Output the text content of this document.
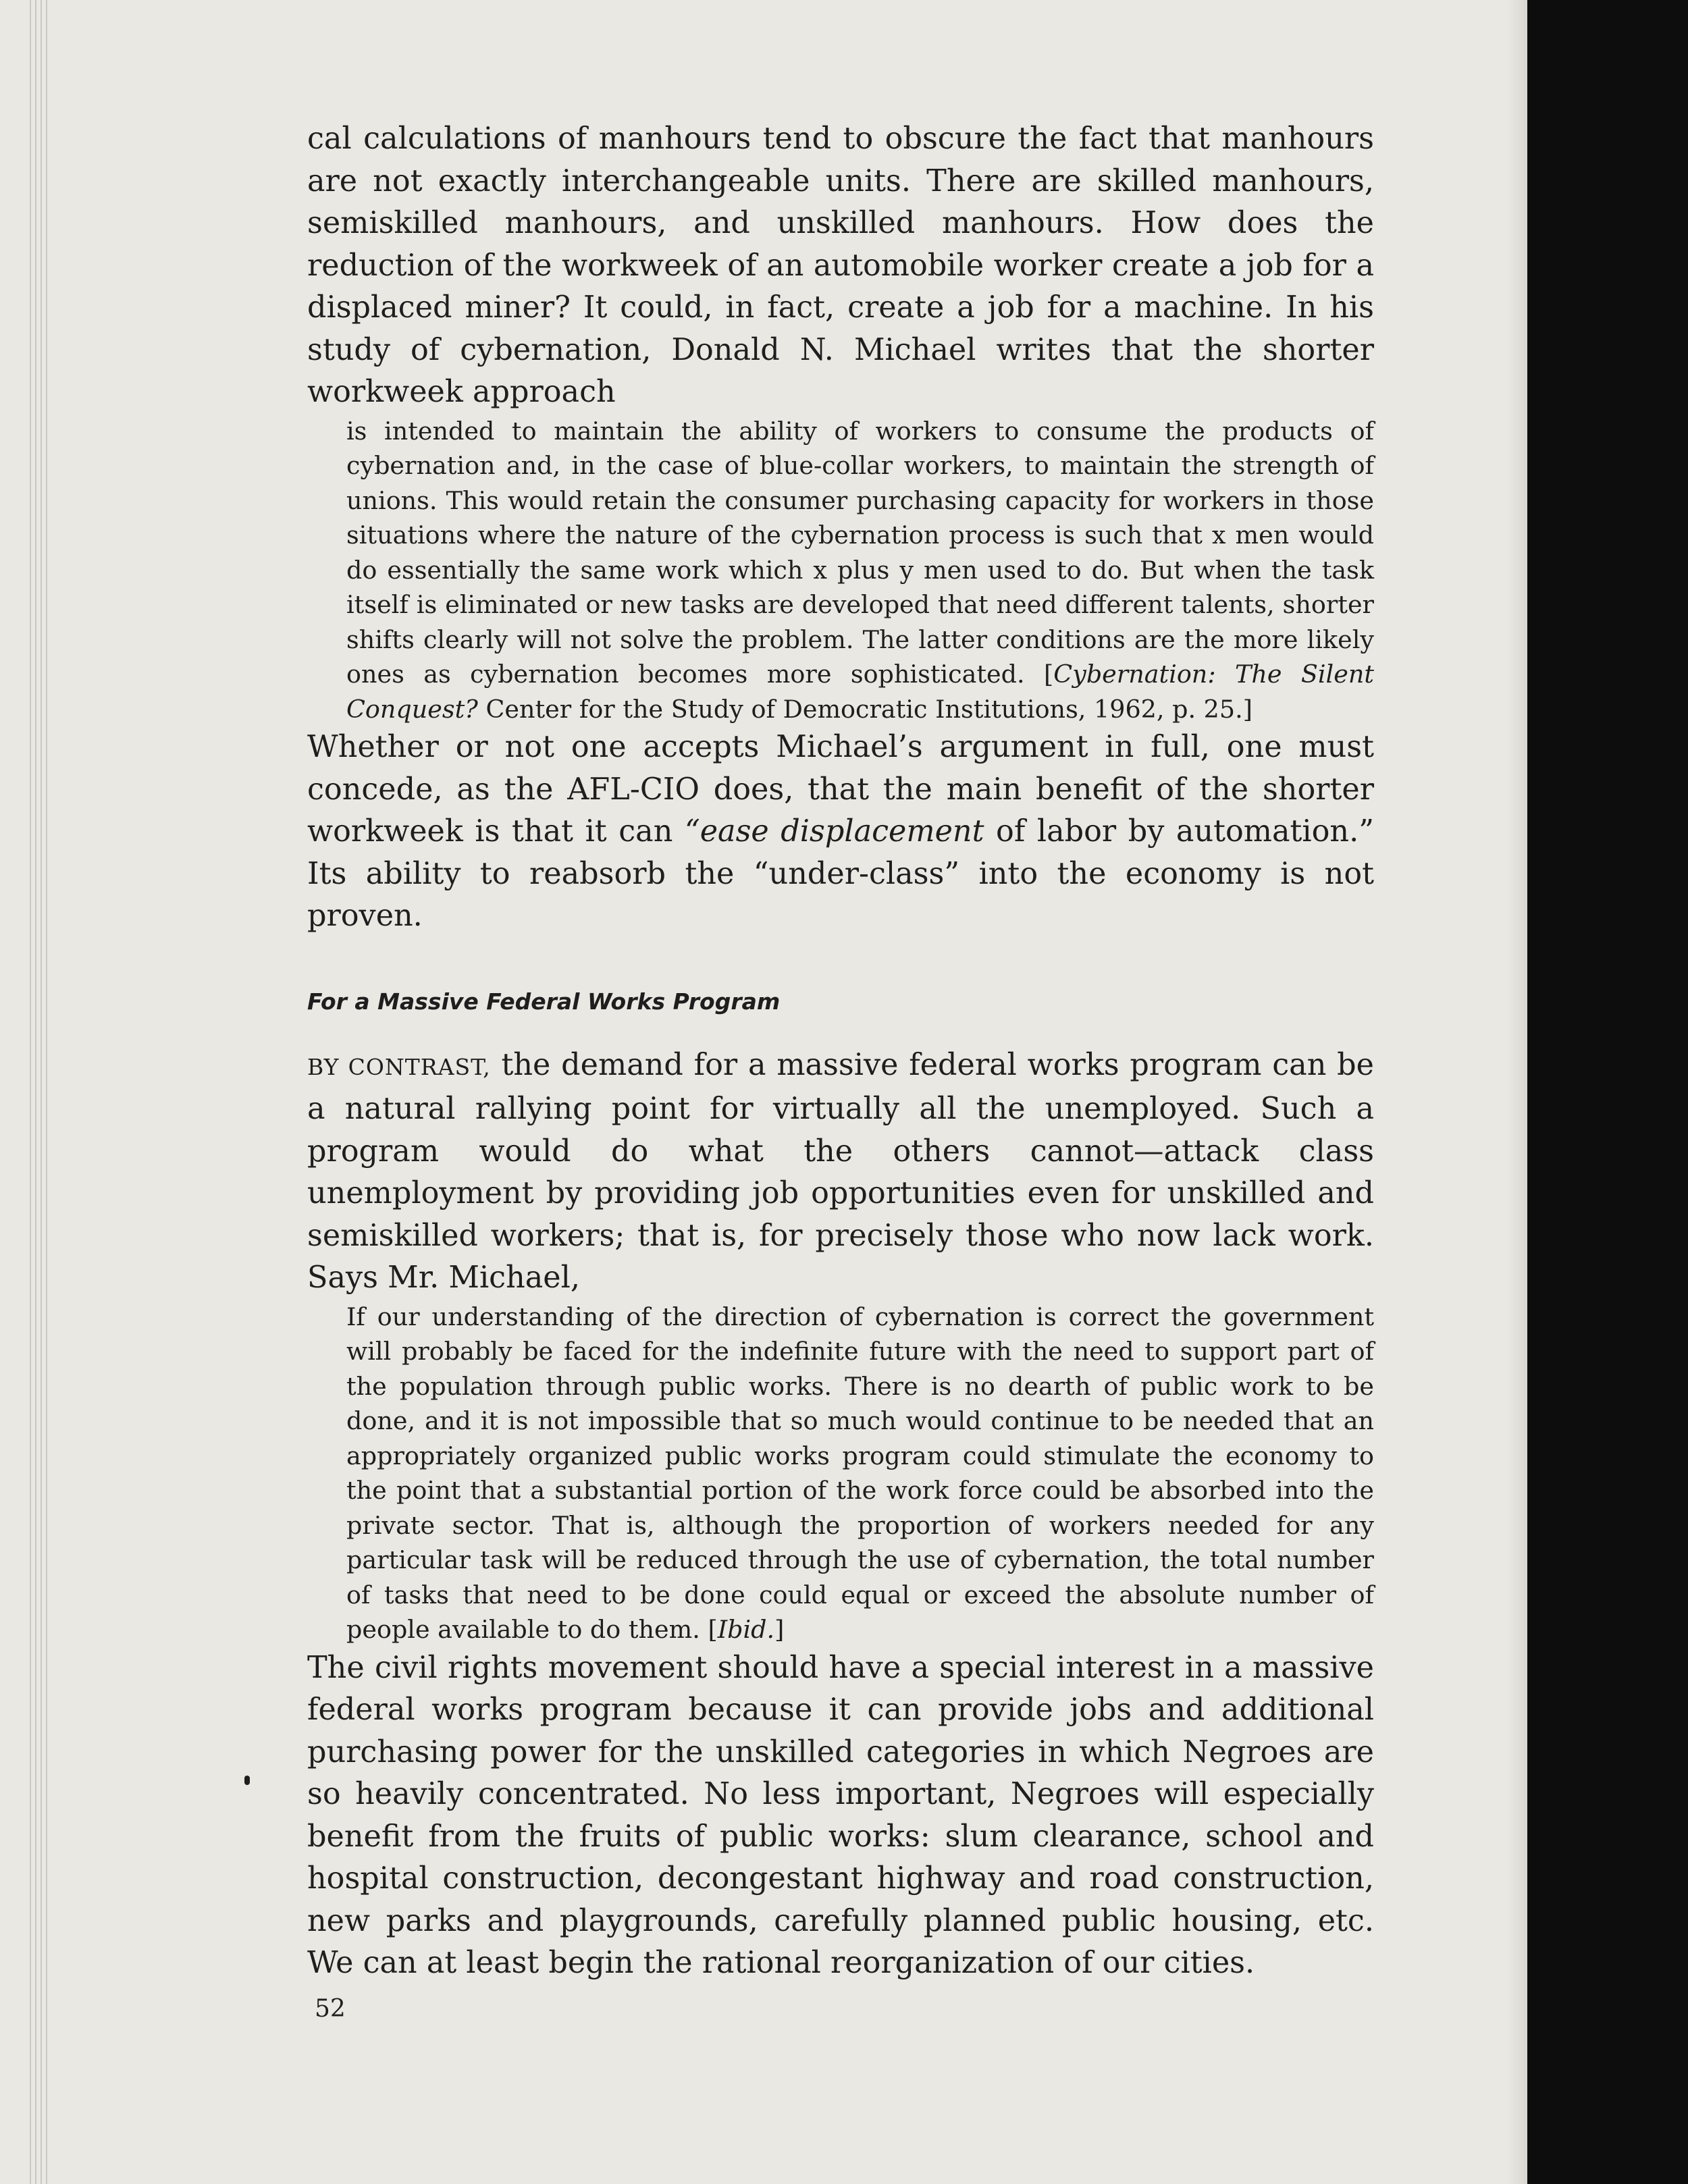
cal calculations of manhours tend to obscure the fact that manhours are not exactly interchangeable units. There are skilled manhours, semiskilled manhours, and unskilled manhours. How does the reduction of the workweek of an automobile worker create a job for a displaced miner? It could, in fact, create a job for a machine. In his study of cybernation, Donald N. Michael writes that the shorter workweek approach

is intended to maintain the ability of workers to consume the products of cybernation and, in the case of blue-collar workers, to maintain the strength of unions. This would retain the consumer purchasing capacity for workers in those situations where the nature of the cybernation process is such that x men would do essentially the same work which x plus y men used to do. But when the task itself is eliminated or new tasks are developed that need different talents, shorter shifts clearly will not solve the problem. The latter conditions are the more likely ones as cybernation becomes more sophisticated. [Cybernation: The Silent Conquest? Center for the Study of Democratic Institutions, 1962, p. 25.]

Whether or not one accepts Michael’s argument in full, one must concede, as the AFL-CIO does, that the main benefit of the shorter workweek is that it can “ease displacement of labor by automation.” Its ability to reabsorb the “under-class” into the economy is not proven.

For a Massive Federal Works Program

BY CONTRAST, the demand for a massive federal works program can be a natural rallying point for virtually all the unemployed. Such a program would do what the others cannot—attack class unemployment by providing job opportunities even for unskilled and semiskilled workers; that is, for precisely those who now lack work. Says Mr. Michael,

If our understanding of the direction of cybernation is correct the government will probably be faced for the indefinite future with the need to support part of the population through public works. There is no dearth of public work to be done, and it is not impossible that so much would continue to be needed that an appropriately organized public works program could stimulate the economy to the point that a substantial portion of the work force could be absorbed into the private sector. That is, although the proportion of workers needed for any particular task will be reduced through the use of cybernation, the total number of tasks that need to be done could equal or exceed the absolute number of people available to do them. [Ibid.]

The civil rights movement should have a special interest in a massive federal works program because it can provide jobs and additional purchasing power for the unskilled categories in which Negroes are so heavily concentrated. No less important, Negroes will especially benefit from the fruits of public works: slum clearance, school and hospital construction, decongestant highway and road construction, new parks and playgrounds, carefully planned public housing, etc. We can at least begin the rational reorganization of our cities.

52
